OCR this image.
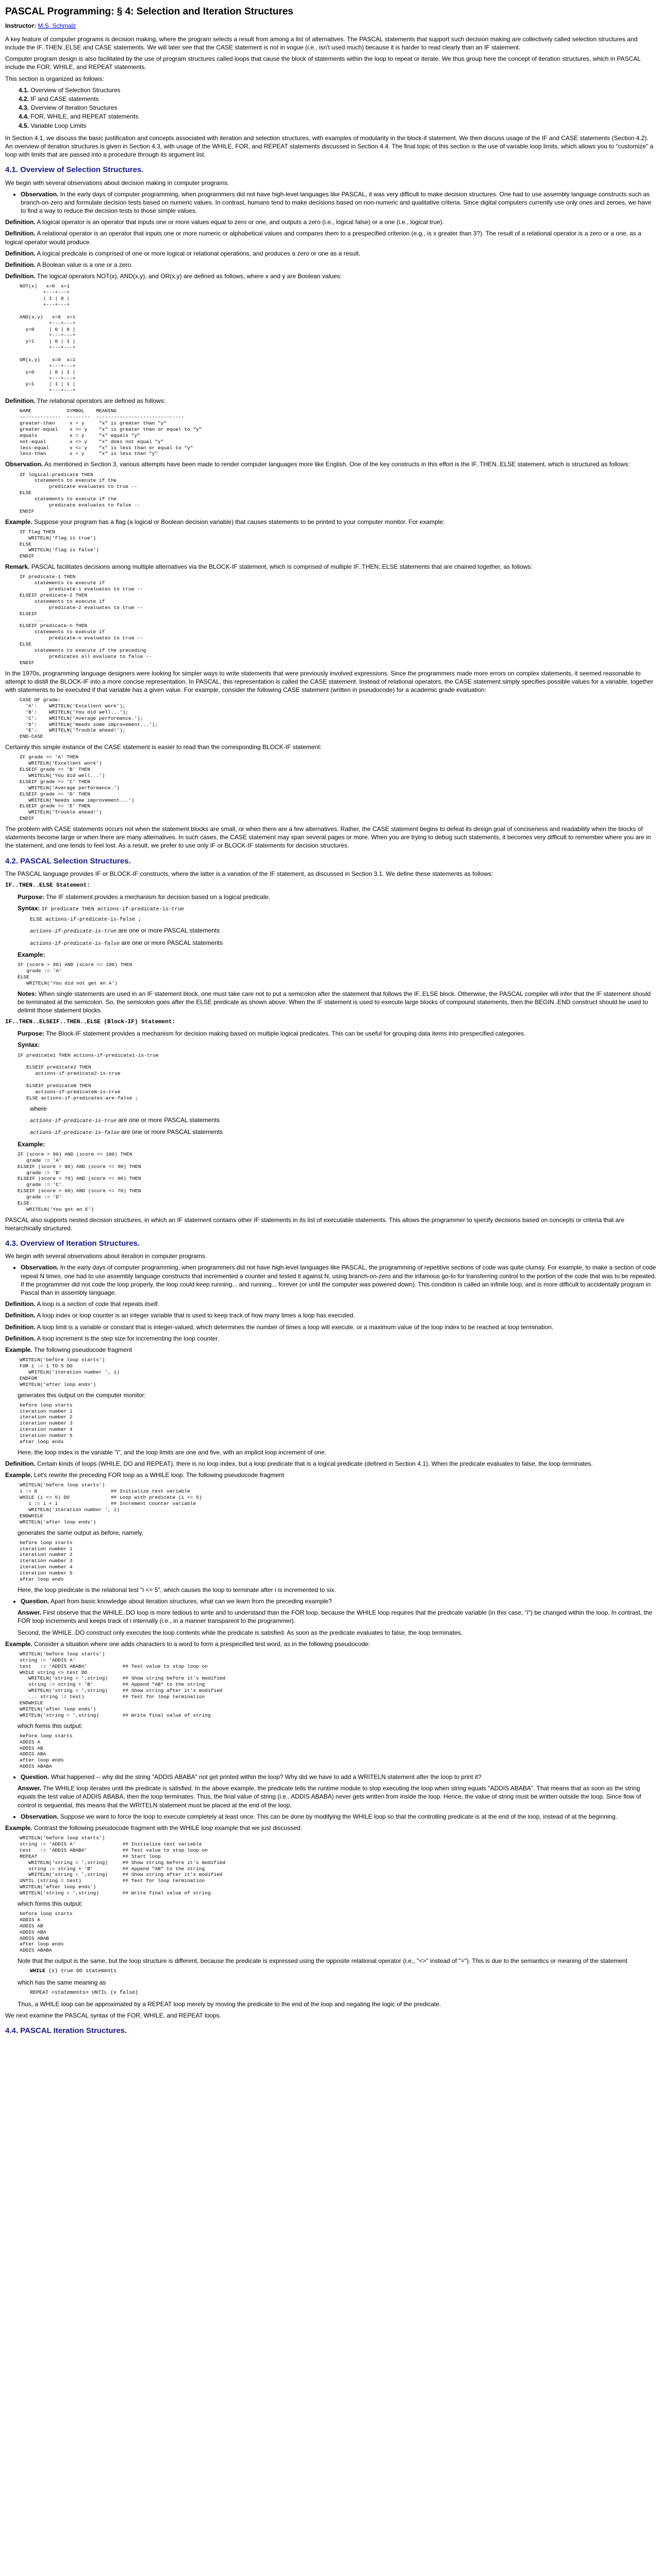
PASCAL Programming: § 4: Selection and Iteration Structures
Instructor: M.S. Schmalz

A key feature of computer programs is decision making, where the program selects a result from among a list of alternatives. The PASCAL statements that support such decision making are collectively called selection structures and include the IF..THEN..ELSE and CASE statements. We will later see that the CASE statement is not in vogue (i.e., isn't used much) because it is harder to read clearly than an IF statement.

Computer program design is also facilitated by the use of program structures called loops that cause the block of statements within the loop to repeat or iterate. We thus group here the concept of iteration structures, which in PASCAL include the FOR, WHILE, and REPEAT statements.

This section is organized as follows:

4.1. Overview of Selection Structures
4.2. IF and CASE statements
4.3. Overview of Iteration Structures
4.4. FOR, WHILE, and REPEAT statements
4.5. Variable Loop Limits

In Section 4.1, we discuss the basic justification and concepts associated with iteration and selection structures, with examples of modularity in the block-if statement. We then discuss usage of the IF and CASE statements (Section 4.2). An overview of iteration structures is given in Section 4.3, with usage of the WHILE, FOR, and REPEAT statements discussed in Section 4.4. The final topic of this section is the use of variable loop limits, which allows you to "customize" a loop with limits that are passed into a procedure through its argument list.

4.1. Overview of Selection Structures.

We begin with several observations about decision making in computer programs.

• Observation. In the early days of computer programming, when programmers did not have high-level languages like PASCAL, it was very difficult to make decision structures. One had to use assembly language constructs such as branch-on-zero and formulate decision tests based on numeric values. In contrast, humans tend to make decisions based on non-numeric and qualitative criteria. Since digital computers currently use only ones and zeroes, we have to find a way to reduce the decision tests to those simple values.

Definition. A logical operator is an operator that inputs one or more values equal to zero or one, and outputs a zero (i.e., logical false) or a one (i.e., logical true).

Definition. A relational operator is an operator that inputs one or more numeric or alphabetical values and compares them to a prespecified criterion (e.g., is x greater than 3?). The result of a relational operator is a zero or a one, as a logical operator would produce.

Definition. A logical predicate is comprised of one or more logical or relational operations, and produces a zero or one as a result.

Definition. A Boolean value is a one or a zero.

Definition. The logical operators NOT(x), AND(x,y), and OR(x,y) are defined as follows, where x and y are Boolean values:

NOT(x)   x=0  x=1
+---+---+
| 1 | 0 |
+---+---+

AND(x,y)   x=0  x=1
+---+---+
y=0     | 0 | 0 |
+---+---+
y=1     | 0 | 1 |
+---+---+

OR(x,y)    x=0  x=1
+---+---+
y=0     | 0 | 1 |
+---+---+
y=1     | 1 | 1 |
+---+---+

Definition. The relational operators are defined as follows:

NAME            SYMBOL    MEANING
--------------  --------  ------------------------------
greater-than     x > y     "x" is greater than "y"
greater-equal    x >= y    "x" is greater than or equal to "y"
equals           x = y     "x" equals "y"
not-equal        x <> y    "x" does not equal "y"
less-equal       x <= y    "x" is less than or equal to "y"
less-than        x < y     "x" is less than "y"

Observation. As mentioned in Section 3, various attempts have been made to render computer languages more like English. One of the key constructs in this effort is the IF..THEN..ELSE statement, which is structured as follows:

IF logical-predicate THEN
statements to execute if the
predicate evaluates to true --
ELSE
statements to execute if the
predicate evaluates to false --
ENDIF

Example. Suppose your program has a flag (a logical or Boolean decision variable) that causes statements to be printed to your computer monitor. For example:

IF flag THEN
WRITELN('flag is true')
ELSE
WRITELN('flag is false')
ENDIF

Remark. PASCAL facilitates decisions among multiple alternatives via the BLOCK-IF statement, which is comprised of multiple IF..THEN..ELSE statements that are chained together, as follows:

IF predicate-1 THEN
statements to execute if
predicate-1 evaluates to true --
ELSEIF predicate-2 THEN
statements to execute if
predicate-2 evaluates to true --
ELSEIF
...
ELSEIF predicate-n THEN
statements to execute if
predicate-n evaluates to true --
ELSE
statements to execute if the preceding
predicates all evaluate to false --
ENDIF

In the 1970s, programming language designers were looking for simpler ways to write statements that were previously involved expressions. Since the programmers made more errors on complex statements, it seemed reasonable to attempt to distill the BLOCK-IF into a more concise representation. In PASCAL, this representation is called the CASE statement. Instead of relational operators, the CASE statement simply specifies possible values for a variable, together with statements to be executed if that variable has a given value. For example, consider the following CASE statement (written in pseudocode) for a academic grade evaluation:

CASE OF grade:
'A':    WRITELN('Excellent work');
'B':    WRITELN('You did well...');
'C':    WRITELN('Average performance.');
'D':    WRITELN('Needs some improvement...');
'E':    WRITELN('Trouble ahead!');
END-CASE

Certainly this simple instance of the CASE statement is easier to read than the corresponding BLOCK-IF statement:

IF grade >= 'A' THEN
WRITELN('Excellent work')
ELSEIF grade >= 'B' THEN
WRITELN('You did well...')
ELSEIF grade >= 'C' THEN
WRITELN('Average performance.')
ELSEIF grade >= 'D' THEN
WRITELN('Needs some improvement...')
ELSEIF grade >= 'E' THEN
WRITELN('Trouble ahead!')
ENDIF

The problem with CASE statements occurs not when the statement blocks are small, or when there are a few alternatives. Rather, the CASE statement begins to defeat its design goal of conciseness and readability when the blocks of statements become large or when there are many alternatives. In such cases, the CASE statement may span several pages or more. When you are trying to debug such statements, it becomes very difficult to remember where you are in the statement, and one tends to feel lost. As a result, we prefer to use only IF or BLOCK-IF statements for decision structures.

4.2. PASCAL Selection Structures.

The PASCAL language provides IF or BLOCK-IF constructs, where the latter is a variation of the IF statement, as discussed in Section 3.1. We define these statements as follows:

IF..THEN..ELSE Statement:

Purpose: The IF statement provides a mechanism for decision based on a logical predicate.

Syntax: IF predicate THEN actions-if-predicate-is-true

ELSE actions-if-predicate-is-false ;

actions-if-predicate-is-true are one or more PASCAL statements

actions-if-predicate-is-false are one or more PASCAL statements

Example:

IF (score > 90) AND (score <= 100) THEN
grade := 'A'
ELSE
WRITELN('You did not get an A')

Notes: When single statements are used in an IF statement block, one must take care not to put a semicolon after the statement that follows the IF..ELSE block. Otherwise, the PASCAL compiler will infer that the IF statement should be terminated at the semicolon. So, the semicolon goes after the ELSE predicate as shown above. When the IF statement is used to execute large blocks of compound statements, then the BEGIN..END construct should be used to delimit those statement blocks.

IF..THEN..ELSEIF..THEN..ELSE (Block-IF) Statement:

Purpose: The Block-IF statement provides a mechanism for decision making based on multiple logical predicates. This can be useful for grouping data items into prespecified categories.

Syntax:

IF predicate1 THEN actions-if-predicate1-is-true

ELSEIF predicate2 THEN
actions-if-predicate2-is-true

ELSEIF predicateN THEN
actions-if-predicateN-is-true
ELSE actions-if-predicates-are-false ;

where

actions-if-predicate-is-true are one or more PASCAL statements

actions-if-predicate-is-false are one or more PASCAL statements

Example:

IF (score > 90) AND (score <= 100) THEN
grade := 'A'
ELSEIF (score > 80) AND (score <= 90) THEN
grade := 'B'
ELSEIF (score > 70) AND (score <= 80) THEN
grade := 'C'
ELSEIF (score > 60) AND (score <= 70) THEN
grade := 'D'
ELSE
WRITELN('You got an E')

PASCAL also supports nested decision structures, in which an IF statement contains other IF statements in its list of executable statements. This allows the programmer to specify decisions based on concepts or criteria that are hierarchically structured.

4.3. Overview of Iteration Structures.

We begin with several observations about iteration in computer programs.

• Observation. In the early days of computer programming, when programmers did not have high-level languages like PASCAL, the programming of repetitive sections of code was quite clumsy. For example, to make a section of code repeat N times, one had to use assembly language constructs that incremented a counter and tested it against N, using branch-on-zero and the infamous go-to for transferring control to the portion of the code that was to be repeated. If the programmer did not code the loop properly, the loop could keep running... and running... forever (or until the computer was powered down). This condition is called an infinite loop, and is more difficult to accidentally program in Pascal than in assembly language.

Definition. A loop is a section of code that repeats itself.

Definition. A loop index or loop counter is an integer variable that is used to keep track of how many times a loop has executed.

Definition. A loop limit is a variable or constant that is integer-valued, which determines the number of times a loop will execute, or a maximum value of the loop index to be reached at loop termination.

Definition. A loop increment is the step size for incrementing the loop counter.

Example. The following pseudocode fragment

WRITELN('before loop starts')
FOR i := 1 TO 5 DO
WRITELN('iteration number ', i)
ENDFOR
WRITELN('after loop ends')

generates this output on the computer monitor:

before loop starts
iteration number 1
iteration number 2
iteration number 3
iteration number 4
iteration number 5
after loop ends

Here, the loop index is the variable "i", and the loop limits are one and five, with an implicit loop increment of one.

Definition. Certain kinds of loops (WHILE, DO and REPEAT), there is no loop index, but a loop predicate that is a logical predicate (defined in Section 4.1). When the predicate evaluates to false, the loop terminates.

Example. Let's rewrite the preceding FOR loop as a WHILE loop. The following pseudocode fragment

WRITELN('before loop starts')
i := 0                         ## Initialize test variable
WHILE (i <= 5) DO              ## Loop with predicate (i <= 5)
i := i + 1                  ## Increment counter variable
WRITELN('iteration number ', i)
ENDWHILE
WRITELN('after loop ends')

generates the same output as before, namely,

before loop starts
iteration number 1
iteration number 2
iteration number 3
iteration number 4
iteration number 5
after loop ends

Here, the loop predicate is the relational test "i <= 5", which causes the loop to terminate after i is incremented to six.

• Question. Apart from basic knowledge about iteration structures, what can we learn from the preceding example?

Answer. First observe that the WHILE..DO loop is more tedious to write and to understand than the FOR loop, because the WHILE loop requires that the predicate variable (in this case, "i") be changed within the loop. In contrast, the FOR loop increments and keeps track of i internally (i.e., in a manner transparent to the programmer).

Second, the WHILE..DO construct only executes the loop contents while the predicate is satisfied. As soon as the predicate evaluates to false, the loop terminates.

Example. Consider a situation where one adds characters to a word to form a prespecified test word, as in the following pseudocode:

WRITELN('before loop starts')
string := 'ADDIS A'
test   := 'ADDIS ABABA'            ## Test value to stop loop on
WHILE string <> test DO
WRITELN('string = ',string)     ## Show string before it's modified
string := string + 'B'          ## Append "AB" to the string
WRITELN('string = ',string)     ## Show string after it's modified
... string := test)             ## Test for loop termination
ENDWHILE
WRITELN('after loop ends')
WRITELN('string = ',string)        ## Write final value of string

which forms this output:

before loop starts
ADDIS A
ADDIS AB
ADDIS ABA
after loop ends
ADDIS ABABA
• Question. What happened -- why did the string "ADDIS ABABA" not get printed within the loop? Why did we have to add a WRITELN statement after the loop to print it?

Answer. The WHILE loop iterates until the predicate is satisfied. In the above example, the predicate tells the runtime module to stop executing the loop when string equals "ADDIS ABABA". That means that as soon as the string equals the test value of ADDIS ABABA, then the loop terminates. Thus, the final value of string (i.e., ADDIS ABABA) never gets written from inside the loop. Hence, the value of string must be written outside the loop. Since flow of control is sequential, this means that the WRITELN statement must be placed at the end of the loop.

• Observation. Suppose we want to force the loop to execute completely at least once. This can be done by modifying the WHILE loop so that the controlling predicate is at the end of the loop, instead of at the beginning.

Example. Contrast the following pseudocode fragment with the WHILE loop example that we just discussed:

WRITELN('before loop starts')
string := 'ADDIS A'                ## Initialize test variable
test   := 'ADDIS ABABA'            ## Test value to stop loop on
REPEAT                             ## Start loop
WRITELN('string = ',string)     ## Show string before it's modified
string := string + 'B'          ## Append "AB" to the string
WRITELN('string = ',string)     ## Show string after it's modified
UNTIL (string = test)              ## Test for loop termination
WRITELN('after loop ends')
WRITELN('string = ',string)        ## Write final value of string

which forms this output:

before loop starts
ADDIS A
ADDIS AB
ADDIS ABA
ADDIS ABAB
after loop ends
ADDIS ABABA

Note that the output is the same, but the loop structure is different, because the predicate is expressed using the opposite relational operator (i.e., "<>" instead of "="). This is due to the semantics or meaning of the statement

WHILE (x) true DO statements

which has the same meaning as

REPEAT <statements> UNTIL (x false)

Thus, a WHILE loop can be approximated by a REPEAT loop merely by moving the predicate to the end of the loop and negating the logic of the predicate.

We next examine the PASCAL syntax of the FOR, WHILE, and REPEAT loops.

4.4. PASCAL Iteration Structures.
